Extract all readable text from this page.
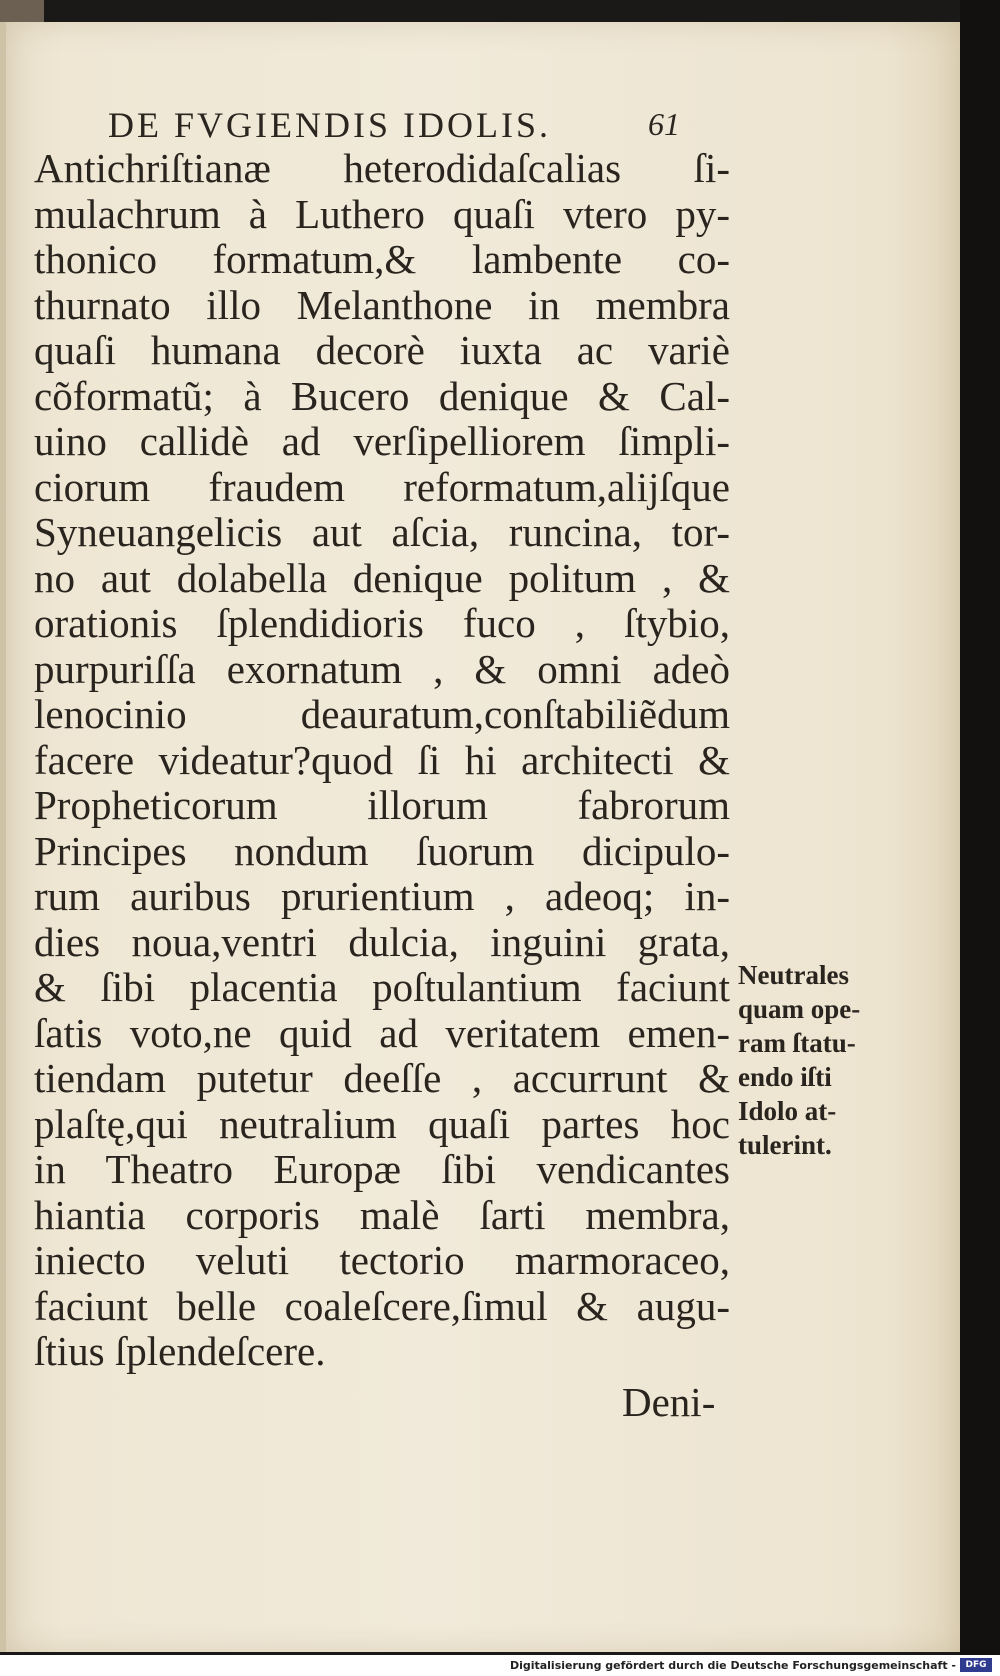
DE FVGIENDIS IDOLIS.	61
Antichriſtianæ heterodidaſcalias ſi-
mulachrum à Luthero quaſi vtero py-
thonico formatum,& lambente co-
thurnato illo Melanthone in membra
quaſi humana decorè iuxta ac variè
cõformatũ; à Bucero denique & Cal-
uino callidè ad verſipelliorem ſimpli-
ciorum fraudem reformatum,alijſque
Syneuangelicis aut aſcia, runcina, tor-
no aut dolabella denique politum , &
orationis ſplendidioris fuco , ſtybio,
purpuriſſa exornatum , & omni adeò
lenocinio deauratum,conſtabiliẽdum
facere videatur?quod ſi hi architecti &
Propheticorum illorum fabrorum
Principes nondum ſuorum dicipulo-
rum auribus prurientium , adeoq; in-
dies noua,ventri dulcia, inguini grata,
& ſibi placentia poſtulantium faciunt
ſatis voto,ne quid ad veritatem emen-
tiendam putetur deeſſe , accurrunt &
plaſtę,qui neutralium quaſi partes hoc
in Theatro Europæ ſibi vendicantes
hiantia corporis malè ſarti membra,
iniecto veluti tectorio marmoraceo,
faciunt belle coaleſcere,ſimul & augu-
ſtius ſplendeſcere.
Deni-
Neutrales
quam ope-
ram ſtatu-
endo iſti
Idolo at-
tulerint.
Digitalisierung gefördert durch die Deutsche Forschungsgemeinschaft -	DFG
